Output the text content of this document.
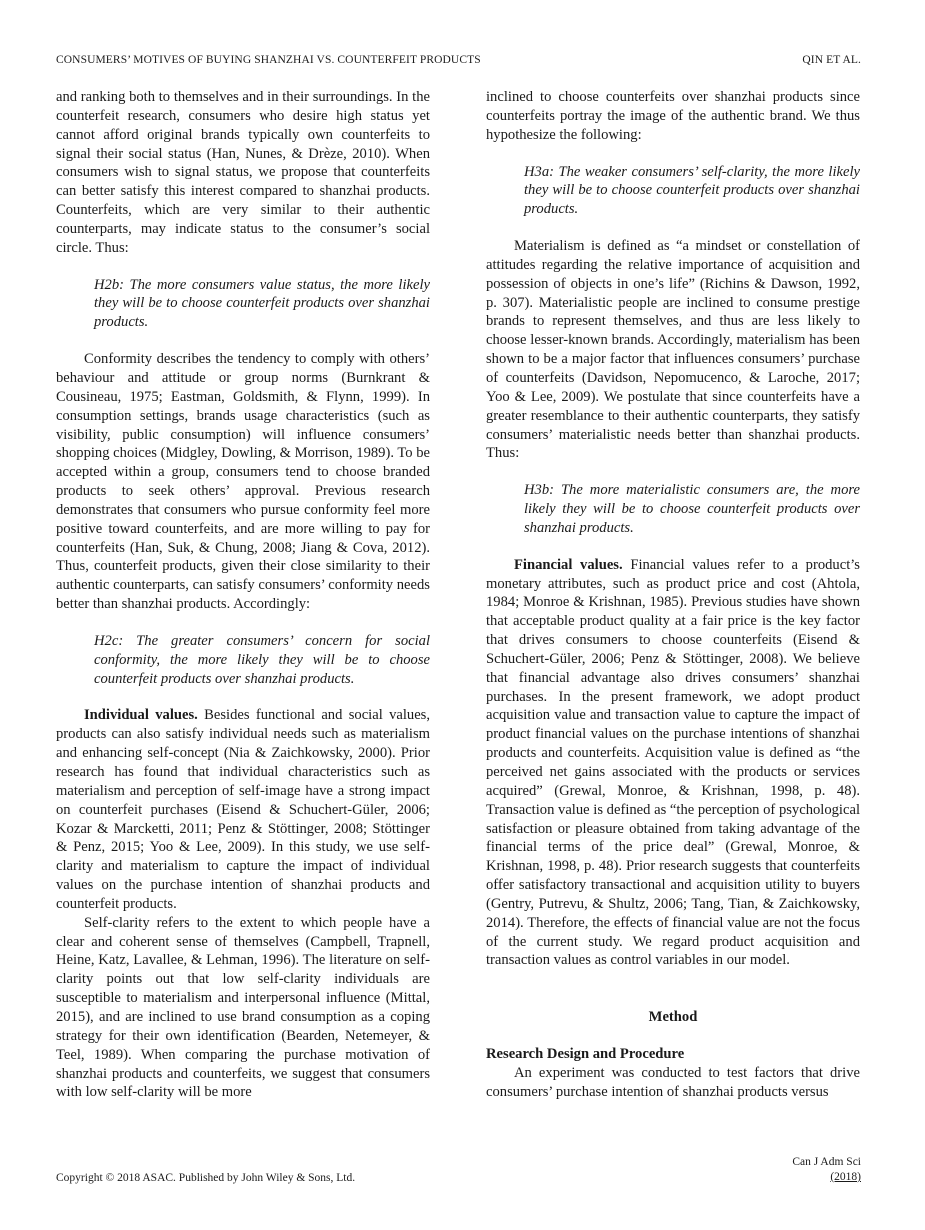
CONSUMERS’ MOTIVES OF BUYING SHANZHAI VS. COUNTERFEIT PRODUCTS	QIN ET AL.

and ranking both to themselves and in their surroundings. In the counterfeit research, consumers who desire high status yet cannot afford original brands typically own counterfeits to signal their social status (Han, Nunes, & Drèze, 2010). When consumers wish to signal status, we propose that counterfeits can better satisfy this interest compared to shanzhai products. Counterfeits, which are very similar to their authentic counterparts, may indicate status to the consumer’s social circle. Thus:

H2b: The more consumers value status, the more likely they will be to choose counterfeit products over shanzhai products.

Conformity describes the tendency to comply with others’ behaviour and attitude or group norms (Burnkrant & Cousineau, 1975; Eastman, Goldsmith, & Flynn, 1999). In consumption settings, brands usage characteristics (such as visibility, public consumption) will influence consumers’ shopping choices (Midgley, Dowling, & Morrison, 1989). To be accepted within a group, consumers tend to choose branded products to seek others’ approval. Previous research demonstrates that consumers who pursue conformity feel more positive toward counterfeits, and are more willing to pay for counterfeits (Han, Suk, & Chung, 2008; Jiang & Cova, 2012). Thus, counterfeit products, given their close similarity to their authentic counterparts, can satisfy consumers’ conformity needs better than shanzhai products. Accordingly:

H2c: The greater consumers’ concern for social conformity, the more likely they will be to choose counterfeit products over shanzhai products.

Individual values. Besides functional and social values, products can also satisfy individual needs such as materialism and enhancing self-concept (Nia & Zaichkowsky, 2000). Prior research has found that individual characteristics such as materialism and perception of self-image have a strong impact on counterfeit purchases (Eisend & Schuchert-Güler, 2006; Kozar & Marcketti, 2011; Penz & Stöttinger, 2008; Stöttinger & Penz, 2015; Yoo & Lee, 2009). In this study, we use self-clarity and materialism to capture the impact of individual values on the purchase intention of shanzhai products and counterfeit products.

Self-clarity refers to the extent to which people have a clear and coherent sense of themselves (Campbell, Trapnell, Heine, Katz, Lavallee, & Lehman, 1996). The literature on self-clarity points out that low self-clarity individuals are susceptible to materialism and interpersonal influence (Mittal, 2015), and are inclined to use brand consumption as a coping strategy for their own identification (Bearden, Netemeyer, & Teel, 1989). When comparing the purchase motivation of shanzhai products and counterfeits, we suggest that consumers with low self-clarity will be more

inclined to choose counterfeits over shanzhai products since counterfeits portray the image of the authentic brand. We thus hypothesize the following:

H3a: The weaker consumers’ self-clarity, the more likely they will be to choose counterfeit products over shanzhai products.

Materialism is defined as “a mindset or constellation of attitudes regarding the relative importance of acquisition and possession of objects in one’s life” (Richins & Dawson, 1992, p. 307). Materialistic people are inclined to consume prestige brands to represent themselves, and thus are less likely to choose lesser-known brands. Accordingly, materialism has been shown to be a major factor that influences consumers’ purchase of counterfeits (Davidson, Nepomucenco, & Laroche, 2017; Yoo & Lee, 2009). We postulate that since counterfeits have a greater resemblance to their authentic counterparts, they satisfy consumers’ materialistic needs better than shanzhai products. Thus:

H3b: The more materialistic consumers are, the more likely they will be to choose counterfeit products over shanzhai products.

Financial values. Financial values refer to a product’s monetary attributes, such as product price and cost (Ahtola, 1984; Monroe & Krishnan, 1985). Previous studies have shown that acceptable product quality at a fair price is the key factor that drives consumers to choose counterfeits (Eisend & Schuchert-Güler, 2006; Penz & Stöttinger, 2008). We believe that financial advantage also drives consumers’ shanzhai purchases. In the present framework, we adopt product acquisition value and transaction value to capture the impact of product financial values on the purchase intentions of shanzhai products and counterfeits. Acquisition value is defined as “the perceived net gains associated with the products or services acquired” (Grewal, Monroe, & Krishnan, 1998, p. 48). Transaction value is defined as “the perception of psychological satisfaction or pleasure obtained from taking advantage of the financial terms of the price deal” (Grewal, Monroe, & Krishnan, 1998, p. 48). Prior research suggests that counterfeits offer satisfactory transactional and acquisition utility to buyers (Gentry, Putrevu, & Shultz, 2006; Tang, Tian, & Zaichkowsky, 2014). Therefore, the effects of financial value are not the focus of the current study. We regard product acquisition and transaction values as control variables in our model.

Method

Research Design and Procedure

An experiment was conducted to test factors that drive consumers’ purchase intention of shanzhai products versus

Copyright © 2018 ASAC. Published by John Wiley & Sons, Ltd.
Can J Adm Sci
(2018)
